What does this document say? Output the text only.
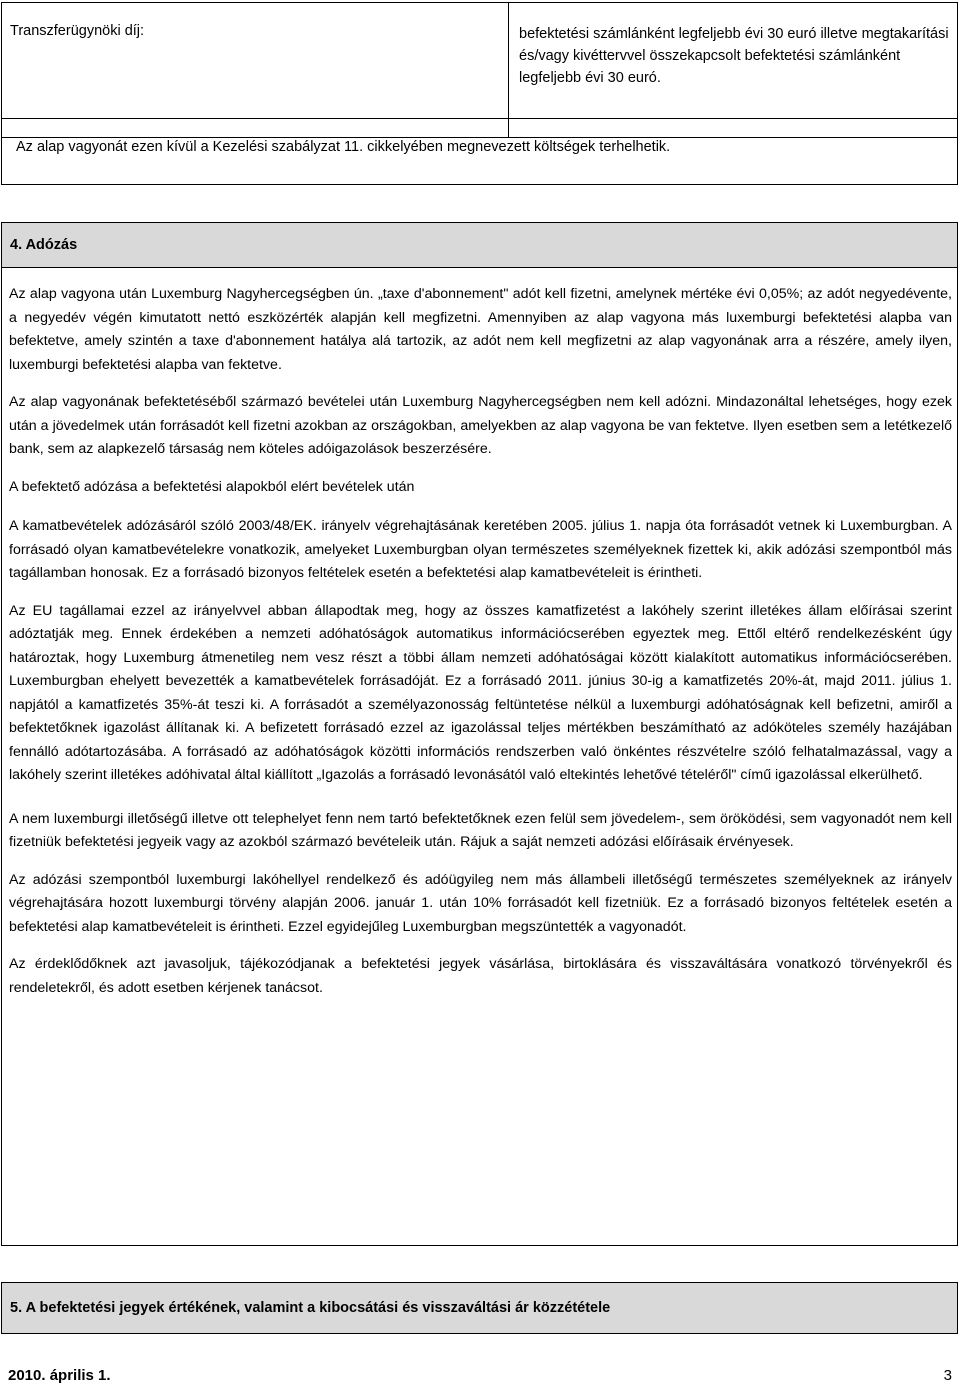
Transzferügynöki díj:	befektetési számlánként legfeljebb évi 30 euró illetve megtakarítási és/vagy kivéttervvel összekapcsolt befektetési számlánként legfeljebb évi 30 euró.

Az alap vagyonát ezen kívül a Kezelési szabályzat 11. cikkelyében megnevezett költségek terhelhetik.

4. Adózás

Az alap vagyona után Luxemburg Nagyhercegségben ún. „taxe d'abonnement" adót kell fizetni, amelynek mértéke évi 0,05%; az adót negyedévente, a negyedév végén kimutatott nettó eszközérték alapján kell megfizetni. Amennyiben az alap vagyona más luxemburgi befektetési alapba van befektetve, amely szintén a taxe d'abonnement hatálya alá tartozik, az adót nem kell megfizetni az alap vagyonának arra a részére, amely ilyen, luxemburgi befektetési alapba van fektetve.

Az alap vagyonának befektetéséből származó bevételei után Luxemburg Nagyhercegségben nem kell adózni. Mindazonáltal lehetséges, hogy ezek után a jövedelmek után forrásadót kell fizetni azokban az országokban, amelyekben az alap vagyona be van fektetve. Ilyen esetben sem a letétkezelő bank, sem az alapkezelő társaság nem köteles adóigazolások beszerzésére.

A befektető adózása a befektetési alapokból elért bevételek után

A kamatbevételek adózásáról szóló 2003/48/EK. irányelv végrehajtásának keretében 2005. július 1. napja óta forrásadót vetnek ki Luxemburgban. A forrásadó olyan kamatbevételekre vonatkozik, amelyeket Luxemburgban olyan természetes személyeknek fizettek ki, akik adózási szempontból más tagállamban honosak. Ez a forrásadó bizonyos feltételek esetén a befektetési alap kamatbevételeit is érintheti.

Az EU tagállamai ezzel az irányelvvel abban állapodtak meg, hogy az összes kamatfizetést a lakóhely szerint illetékes állam előírásai szerint adóztatják meg. Ennek érdekében a nemzeti adóhatóságok automatikus információcserében egyeztek meg. Ettől eltérő rendelkezésként úgy határoztak, hogy Luxemburg átmenetileg nem vesz részt a többi állam nemzeti adóhatóságai között kialakított automatikus információcserében. Luxemburgban ehelyett bevezették a kamatbevételek forrásadóját. Ez a forrásadó 2011. június 30-ig a kamatfizetés 20%-át, majd 2011. július 1. napjától a kamatfizetés 35%-át teszi ki. A forrásadót a személyazonosság feltüntetése nélkül a luxemburgi adóhatóságnak kell befizetni, amiről a befektetőknek igazolást állítanak ki. A befizetett forrásadó ezzel az igazolással teljes mértékben beszámítható az adóköteles személy hazájában fennálló adótartozásába. A forrásadó az adóhatóságok közötti információs rendszerben való önkéntes részvételre szóló felhatalmazással, vagy a lakóhely szerint illetékes adóhivatal által kiállított „Igazolás a forrásadó levonásától való eltekintés lehetővé tételéről" című igazolással elkerülhető.

A nem luxemburgi illetőségű illetve ott telephelyet fenn nem tartó befektetőknek ezen felül sem jövedelem-, sem öröködési, sem vagyonadót nem kell fizetniük befektetési jegyeik vagy az azokból származó bevételeik után. Rájuk a saját nemzeti adózási előírásaik érvényesek.

Az adózási szempontból luxemburgi lakóhellyel rendelkező és adóügyileg nem más állambeli illetőségű természetes személyeknek az irányelv végrehajtására hozott luxemburgi törvény alapján 2006. január 1. után 10% forrásadót kell fizetniük. Ez a forrásadó bizonyos feltételek esetén a befektetési alap kamatbevételeit is érintheti. Ezzel egyidejűleg Luxemburgban megszüntették a vagyonadót.

Az érdeklődőknek azt javasoljuk, tájékozódjanak a befektetési jegyek vásárlása, birtoklására és visszaváltására vonatkozó törvényekről és rendeletekről, és adott esetben kérjenek tanácsot.

5. A befektetési jegyek értékének, valamint a kibocsátási és visszaváltási ár közzététele
2010. április 1.	3
